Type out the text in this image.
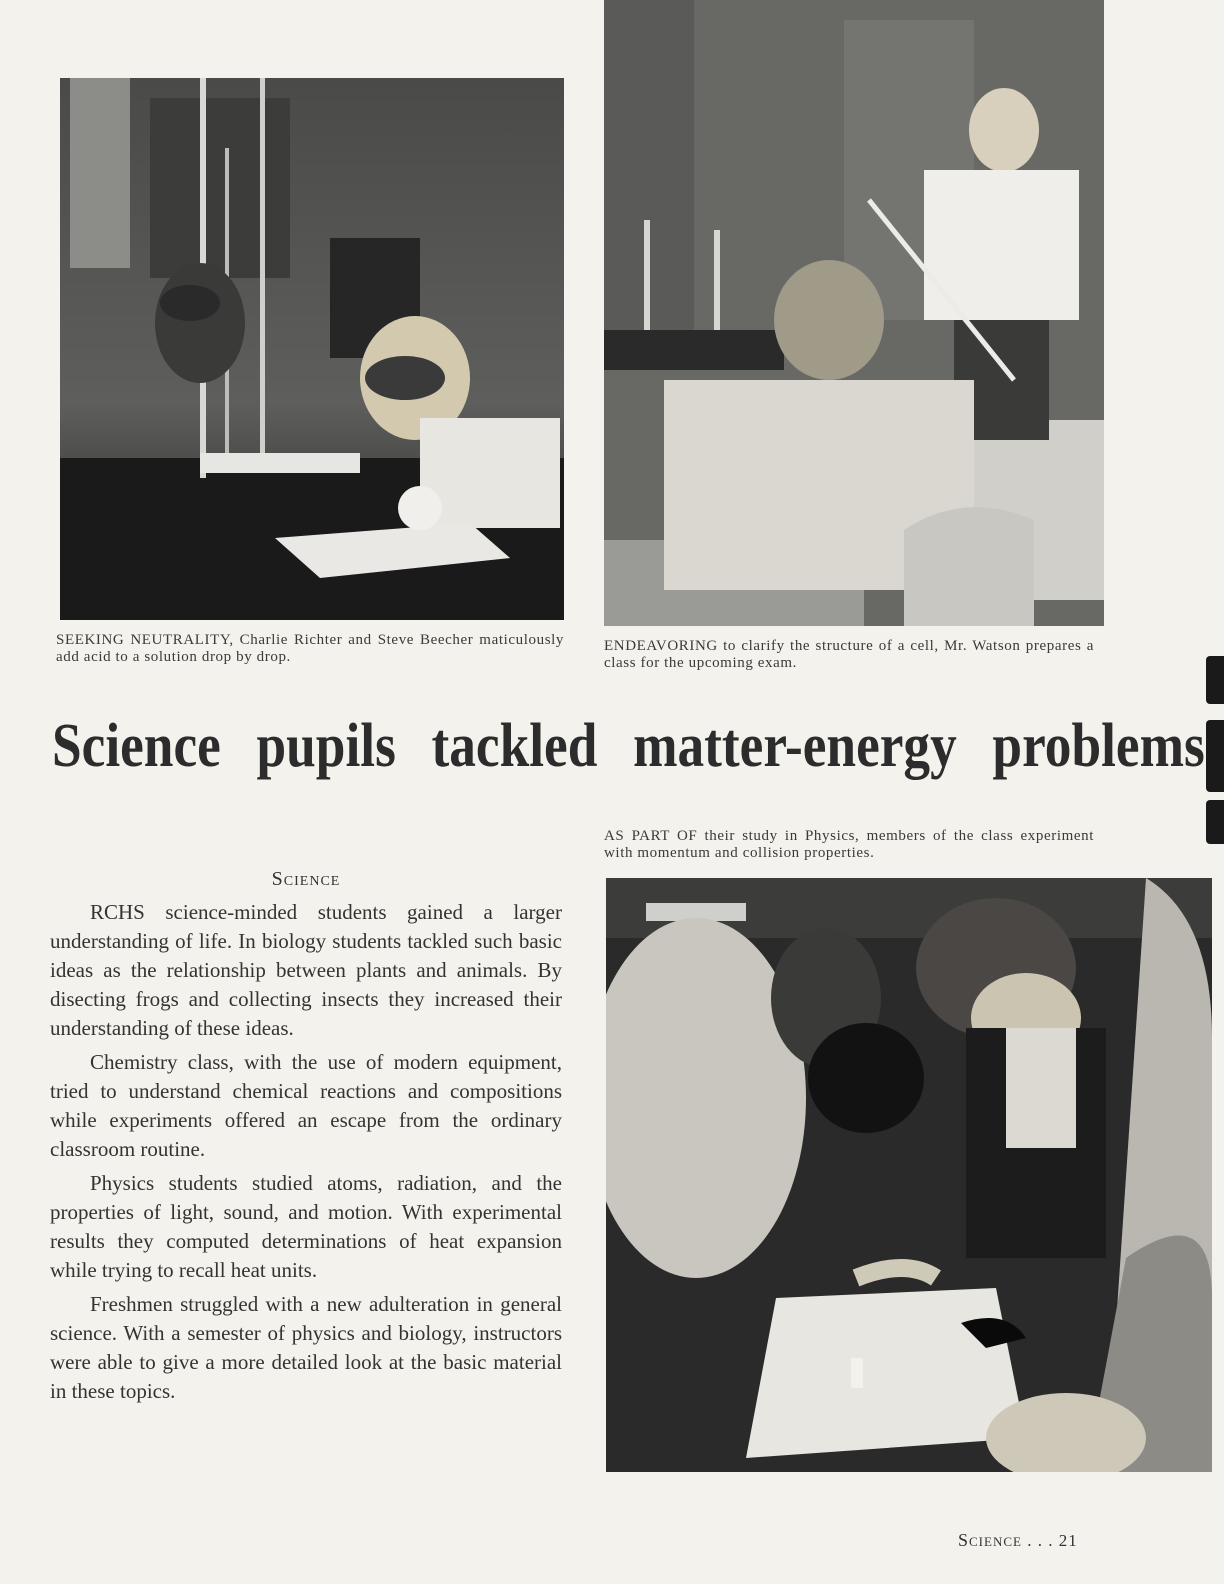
SEEKING NEUTRALITY, Charlie Richter and Steve Beecher maticulously add acid to a solution drop by drop.
ENDEAVORING to clarify the structure of a cell, Mr. Watson prepares a class for the upcoming exam.
Science pupils tackled matter-energy problems
AS PART OF their study in Physics, members of the class experiment with momentum and collision properties.
Science

RCHS science-minded students gained a larger understanding of life. In biology students tackled such basic ideas as the relationship between plants and animals. By disecting frogs and collecting insects they increased their understanding of these ideas.

Chemistry class, with the use of modern equipment, tried to understand chemical reactions and compositions while experiments offered an escape from the ordinary classroom routine.

Physics students studied atoms, radiation, and the properties of light, sound, and motion. With experimental results they computed determinations of heat expansion while trying to recall heat units.

Freshmen struggled with a new adulteration in general science. With a semester of physics and biology, instructors were able to give a more detailed look at the basic material in these topics.

Science . . . 21
